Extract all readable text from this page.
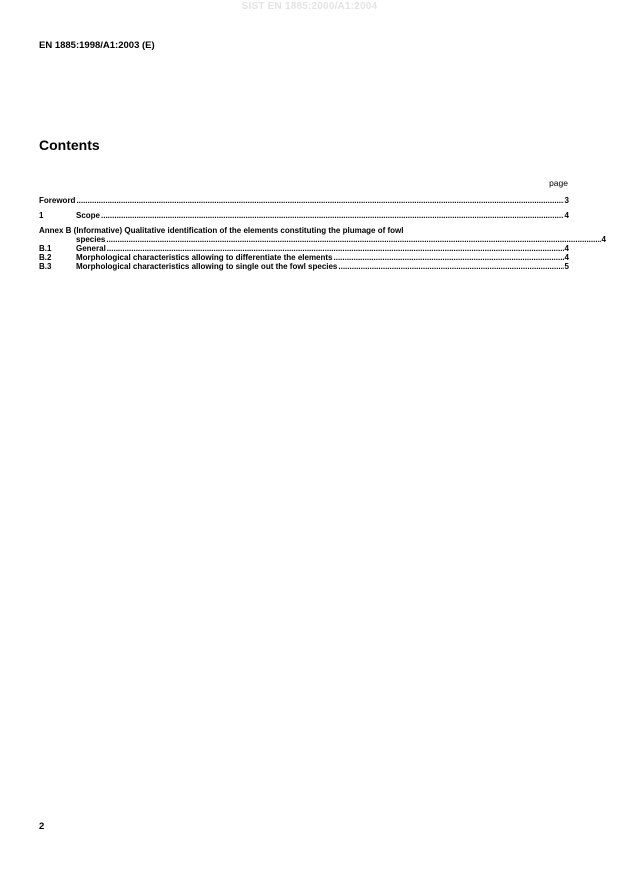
SIST EN 1885:2000/A1:2004
EN 1885:1998/A1:2003 (E)
Contents
page
Foreword .....	3
1	Scope .....	4
Annex B (Informative) Qualitative identification of the elements constituting the plumage of fowl
species .....	4
B.1	General .....	4
B.2	Morphological characteristics allowing to differentiate the elements .....	4
B.3	Morphological characteristics allowing to single out the fowl species .....	5
2
